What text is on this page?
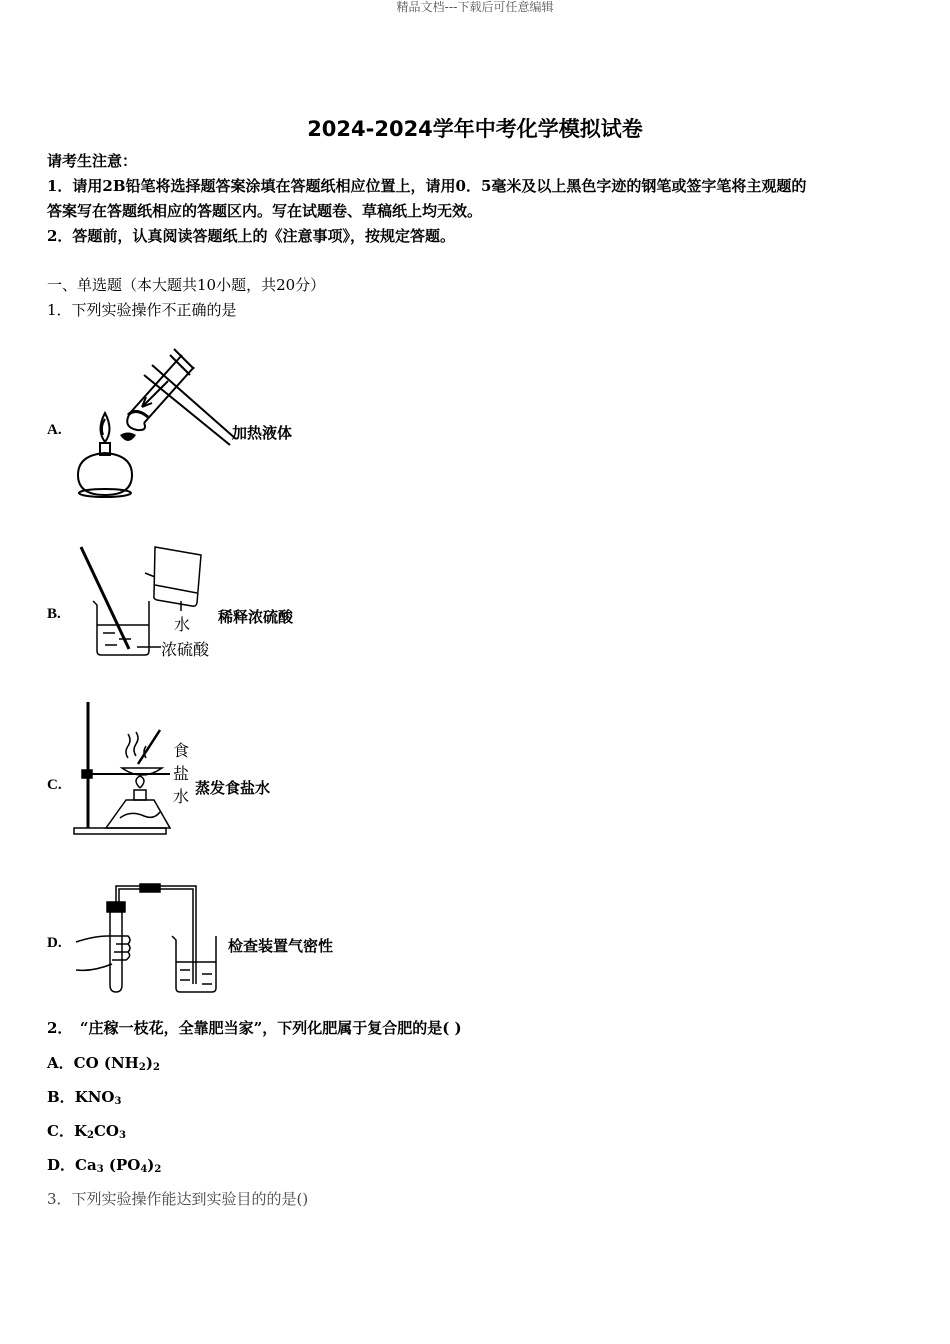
精品文档---下载后可任意编辑
2024-2024学年中考化学模拟试卷
请考生注意：
1．请用2B铅笔将选择题答案涂填在答题纸相应位置上，请用0．5毫米及以上黑色字迹的钢笔或签字笔将主观题的
答案写在答题纸相应的答题区内。写在试题卷、草稿纸上均无效。
2．答题前，认真阅读答题纸上的《注意事项》，按规定答题。
一、单选题（本大题共10小题，共20分）
1．下列实验操作不正确的是
A.	加热液体
B.
水
浓硫酸
稀释浓硫酸
C.
食
盐
水 蒸发食盐水
D.	检查装置气密性
2．　“庄稼一枝花，全靠肥当家”，下列化肥属于复合肥的是( )
A．CO $(NH_2)_2$
B．$KNO_3$
C．$K_2CO_3$
D．$Ca_3$ $(PO_4)_2$
3．下列实验操作能达到实验目的的是()
